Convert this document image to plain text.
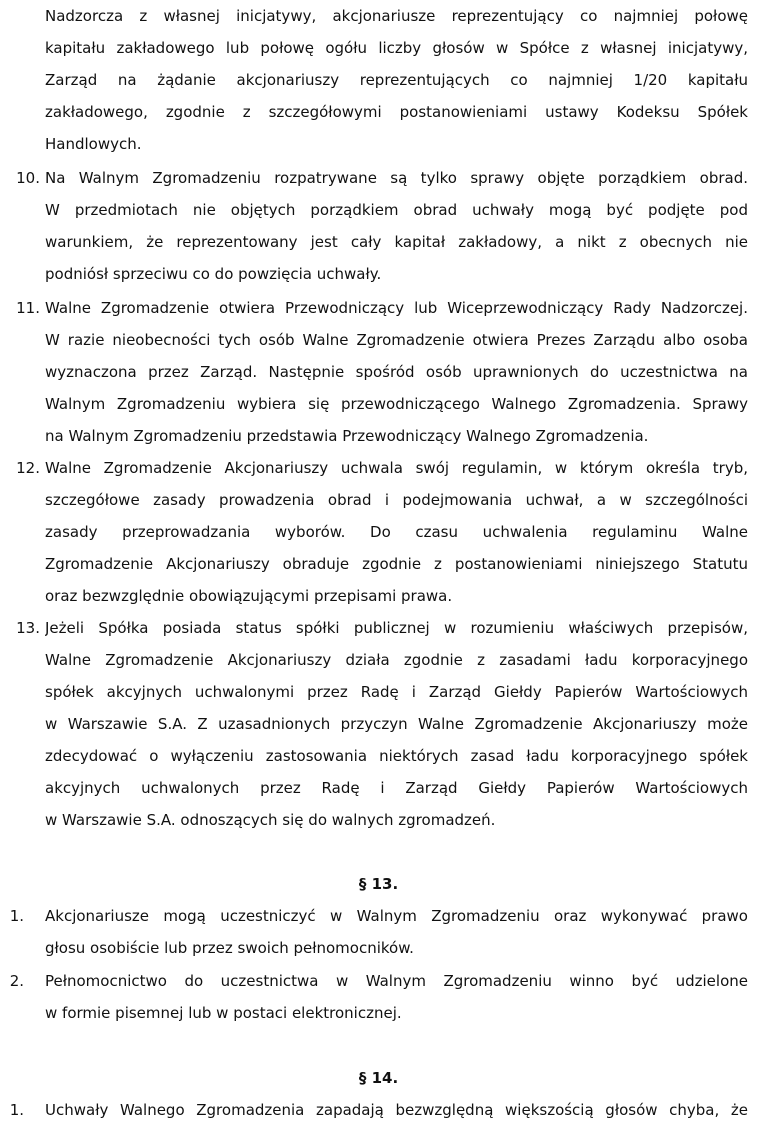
Nadzorcza z własnej inicjatywy, akcjonariusze reprezentujący co najmniej połowę
kapitału zakładowego lub połowę ogółu liczby głosów w Spółce z własnej inicjatywy,
Zarząd na żądanie akcjonariuszy reprezentujących co najmniej 1/20 kapitału
zakładowego, zgodnie z szczegółowymi postanowieniami ustawy Kodeksu Spółek
Handlowych.
10. Na Walnym Zgromadzeniu rozpatrywane są tylko sprawy objęte porządkiem obrad.
W przedmiotach nie objętych porządkiem obrad uchwały mogą być podjęte pod
warunkiem, że reprezentowany jest cały kapitał zakładowy, a nikt z obecnych nie
podniósł sprzeciwu co do powzięcia uchwały.
11. Walne Zgromadzenie otwiera Przewodniczący lub Wiceprzewodniczący Rady Nadzorczej.
W razie nieobecności tych osób Walne Zgromadzenie otwiera Prezes Zarządu albo osoba
wyznaczona przez Zarząd. Następnie spośród osób uprawnionych do uczestnictwa na
Walnym Zgromadzeniu wybiera się przewodniczącego Walnego Zgromadzenia. Sprawy
na Walnym Zgromadzeniu przedstawia Przewodniczący Walnego Zgromadzenia.
12. Walne Zgromadzenie Akcjonariuszy uchwala swój regulamin, w którym określa tryb,
szczegółowe zasady prowadzenia obrad i podejmowania uchwał, a w szczególności
zasady przeprowadzania wyborów. Do czasu uchwalenia regulaminu Walne
Zgromadzenie Akcjonariuszy obraduje zgodnie z postanowieniami niniejszego Statutu
oraz bezwzględnie obowiązującymi przepisami prawa.
13. Jeżeli Spółka posiada status spółki publicznej w rozumieniu właściwych przepisów,
Walne Zgromadzenie Akcjonariuszy działa zgodnie z zasadami ładu korporacyjnego
spółek akcyjnych uchwalonymi przez Radę i Zarząd Giełdy Papierów Wartościowych
w Warszawie S.A. Z uzasadnionych przyczyn Walne Zgromadzenie Akcjonariuszy może
zdecydować o wyłączeniu zastosowania niektórych zasad ładu korporacyjnego spółek
akcyjnych uchwalonych przez Radę i Zarząd Giełdy Papierów Wartościowych
w Warszawie S.A. odnoszących się do walnych zgromadzeń.
§ 13.
1. Akcjonariusze mogą uczestniczyć w Walnym Zgromadzeniu oraz wykonywać prawo
głosu osobiście lub przez swoich pełnomocników.
2. Pełnomocnictwo do uczestnictwa w Walnym Zgromadzeniu winno być udzielone
w formie pisemnej lub w postaci elektronicznej.
§ 14.
1. Uchwały Walnego Zgromadzenia zapadają bezwzględną większością głosów chyba, że
